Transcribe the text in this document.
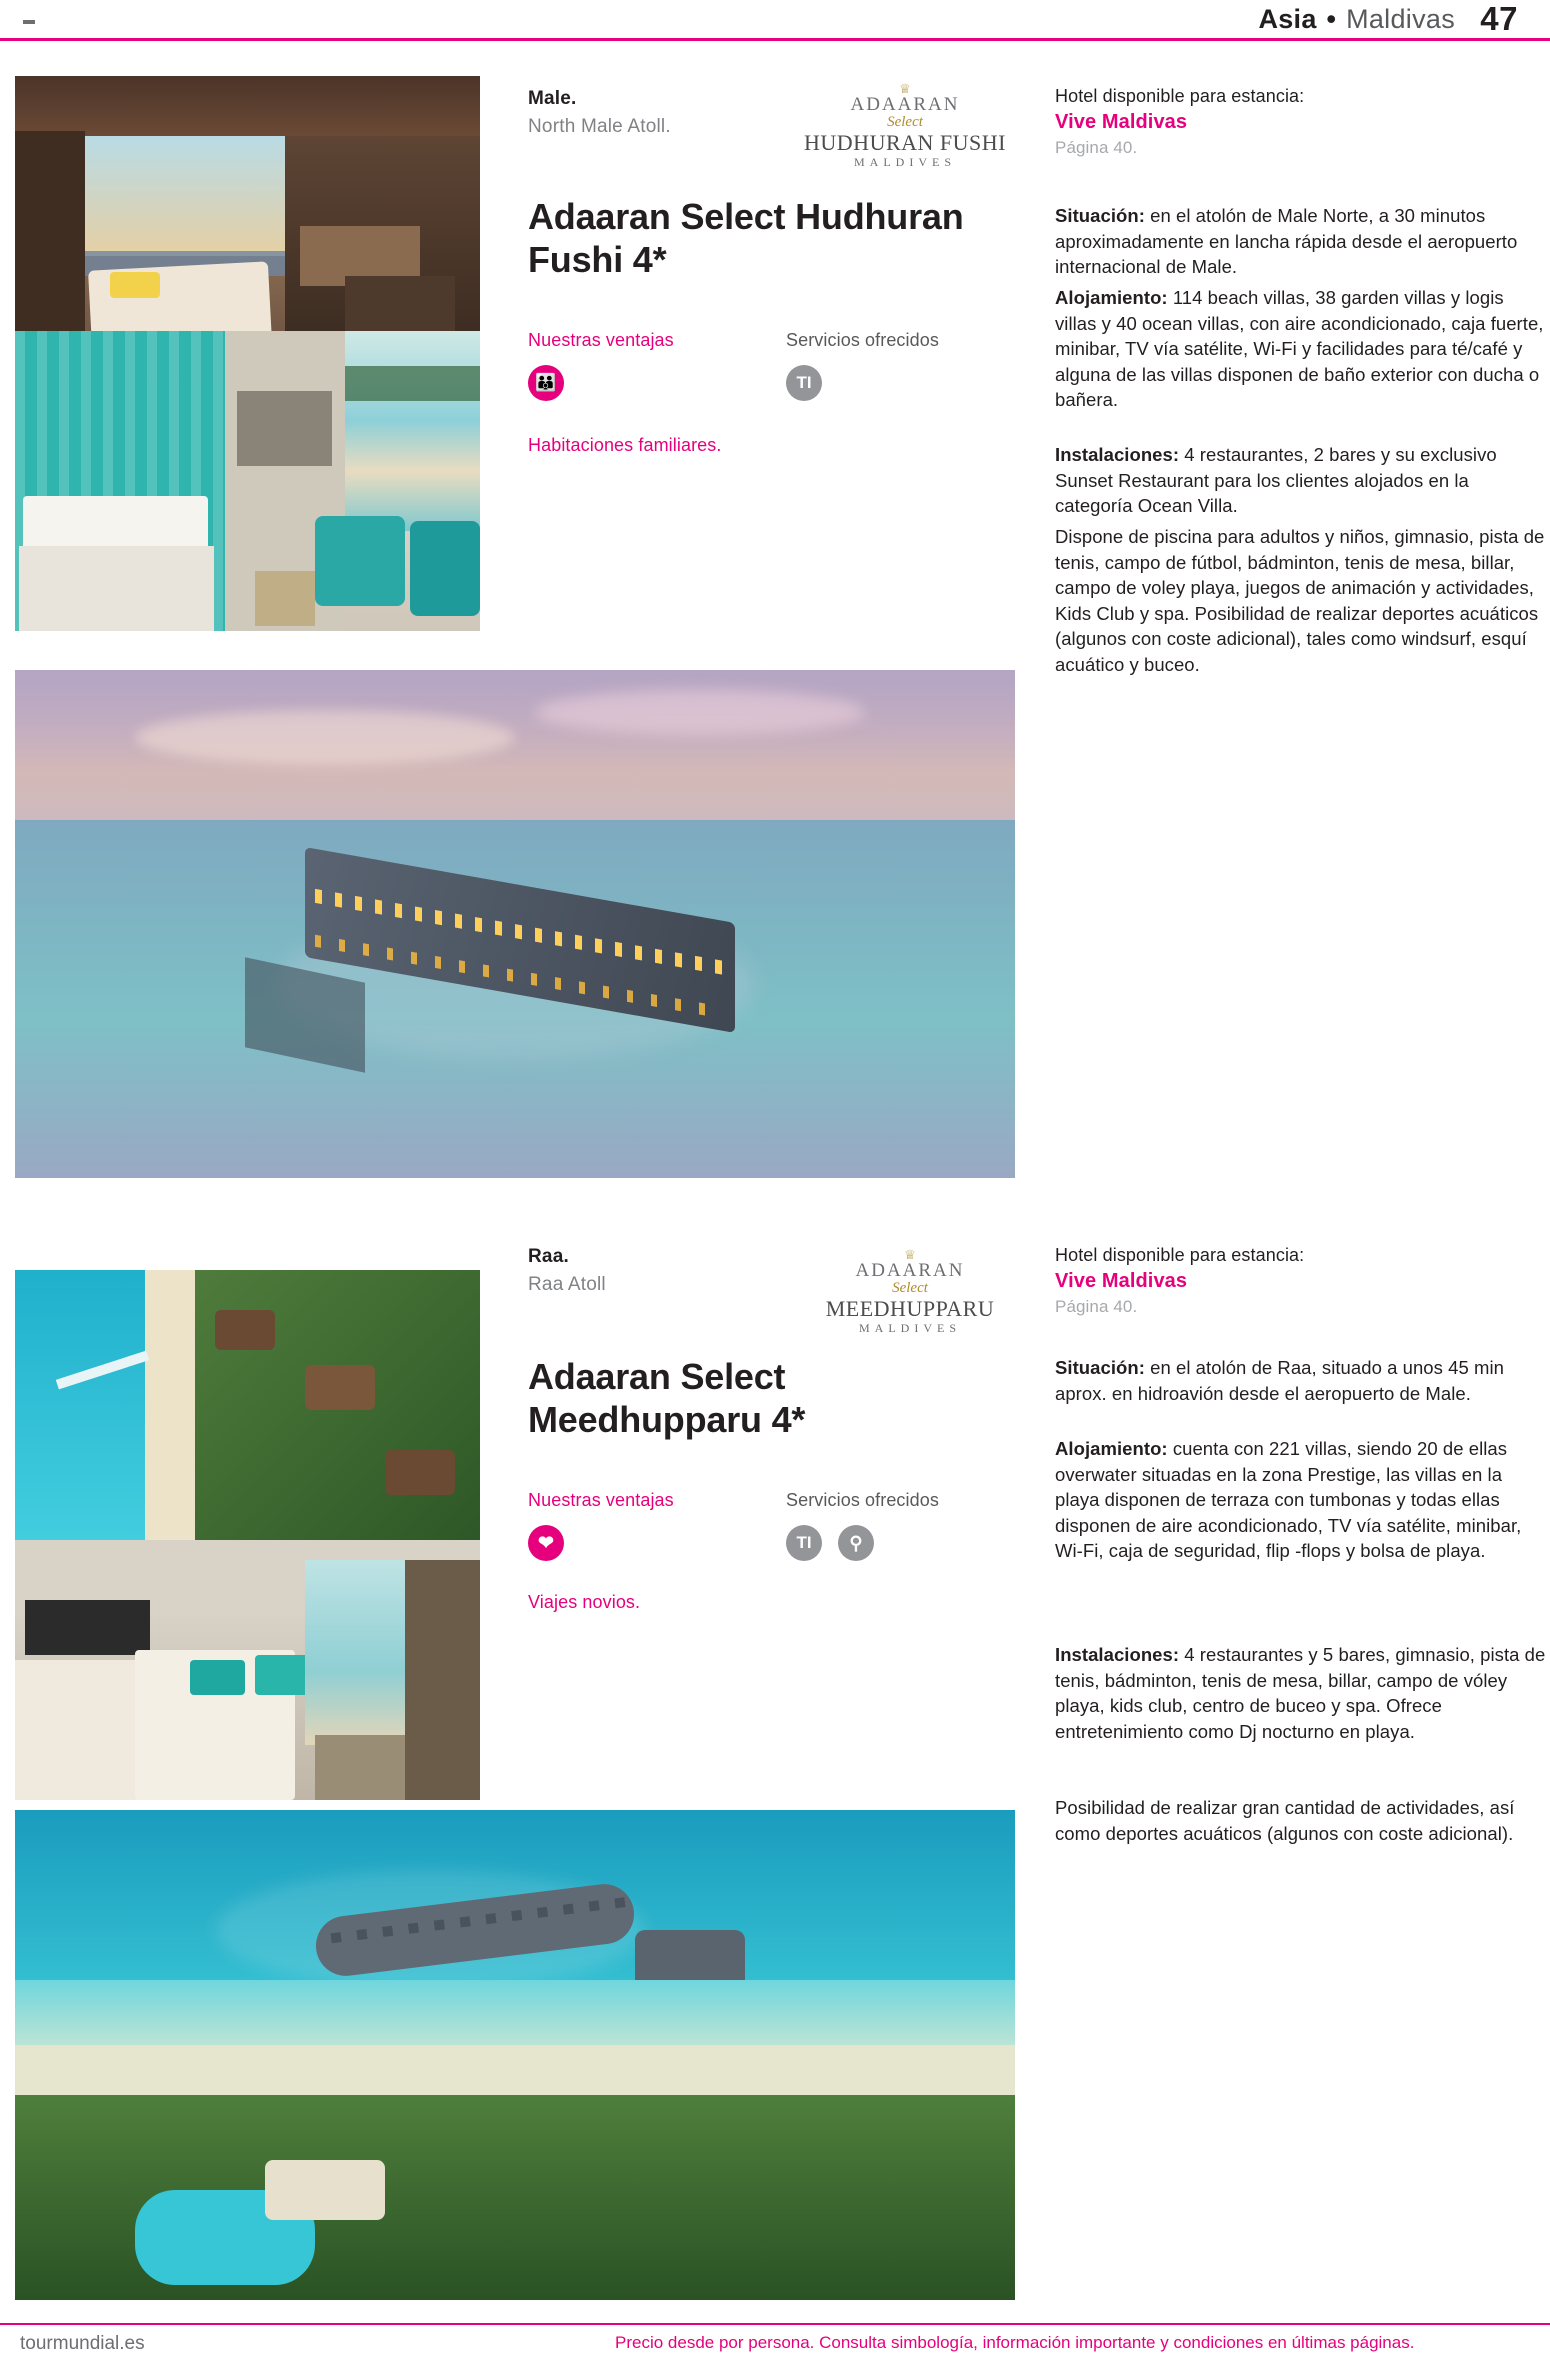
Asia • Maldivas 47
Male.
North Male Atoll.
♕
ADAARAN
Select
HUDHURAN FUSHI
MALDIVES
Adaaran Select Hudhuran Fushi 4*
Nuestras ventajas	Servicios ofrecidos
👪	TI
Habitaciones familiares.
Hotel disponible para estancia:
Vive Maldivas
Página 40.
Situación: en el atolón de Male Norte, a 30 minutos aproximadamente en lancha rápida desde el aeropuerto internacional de Male.
Alojamiento: 114 beach villas, 38 garden villas y logis villas y 40 ocean villas, con aire acondicionado, caja fuerte, minibar, TV vía satélite, Wi-Fi y facilidades para té/café y alguna de las villas disponen de baño exterior con ducha o bañera.
Instalaciones: 4 restaurantes, 2 bares y su exclusivo Sunset Restaurant para los clientes alojados en la categoría Ocean Villa.
Dispone de piscina para adultos y niños, gimnasio, pista de tenis, campo de fútbol, bádminton, tenis de mesa, billar, campo de voley playa, juegos de animación y actividades, Kids Club y spa. Posibilidad de realizar deportes acuáticos (algunos con coste adicional), tales como windsurf, esquí acuático y buceo.
Raa.
Raa Atoll
♕
ADAARAN
Select
MEEDHUPPARU
MALDIVES
Adaaran Select Meedhupparu 4*
Nuestras ventajas	Servicios ofrecidos
❤	TI	⚲
Viajes novios.
Hotel disponible para estancia:
Vive Maldivas
Página 40.
Situación: en el atolón de Raa, situado a unos 45 min aprox. en hidroavión desde el aeropuerto de Male.
Alojamiento: cuenta con 221 villas, siendo 20 de ellas overwater situadas en la zona Prestige, las villas en la playa disponen de terraza con tumbonas y todas ellas disponen de aire acondicionado, TV vía satélite, minibar, Wi-Fi, caja de seguridad, flip -flops y bolsa de playa.
Instalaciones: 4 restaurantes y 5 bares, gimnasio, pista de tenis, bádminton, tenis de mesa, billar, campo de vóley playa, kids club, centro de buceo y spa. Ofrece entretenimiento como Dj nocturno en playa.
Posibilidad de realizar gran cantidad de actividades, así como deportes acuáticos (algunos con coste adicional).
tourmundial.es	Precio desde por persona. Consulta simbología, información importante y condiciones en últimas páginas.
